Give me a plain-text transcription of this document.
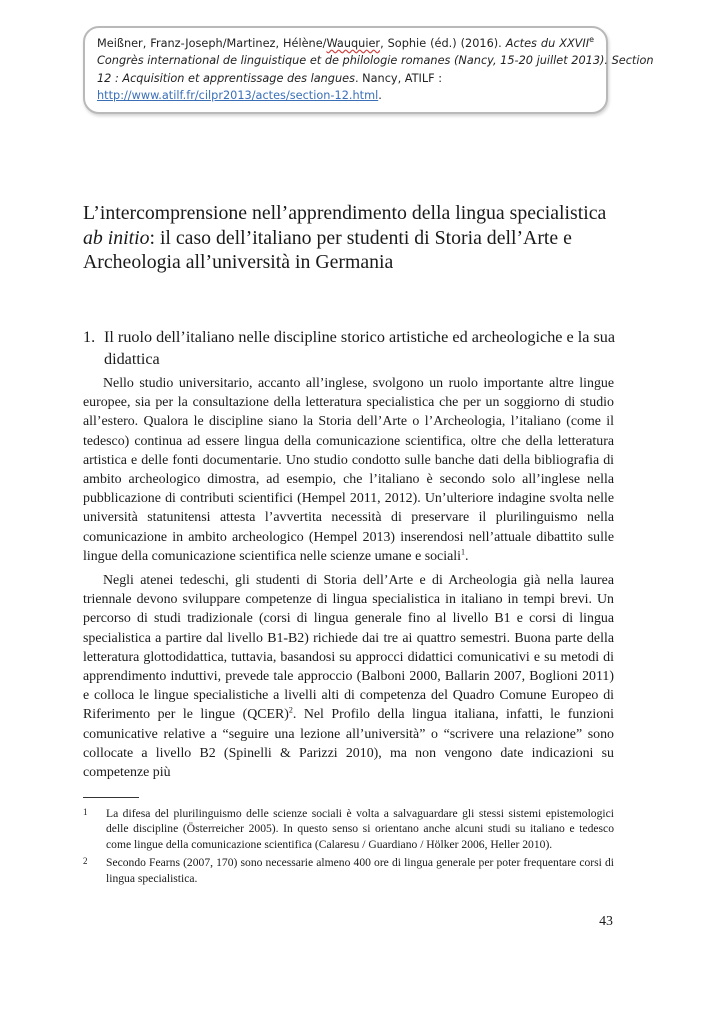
Meißner, Franz-Joseph/Martinez, Hélène/Wauquier, Sophie (éd.) (2016). Actes du XXVIIe
Congrès international de linguistique et de philologie romanes (Nancy, 15-20 juillet 2013). Section
12 : Acquisition et apprentissage des langues. Nancy, ATILF :
http://www.atilf.fr/cilpr2013/actes/section-12.html.
L’intercomprensione nell’apprendimento della lingua specialistica ab initio: il caso dell’italiano per studenti di Storia dell’Arte e Archeologia all’università in Germania
1. Il ruolo dell’italiano nelle discipline storico artistiche ed archeologiche e la sua didattica

Nello studio universitario, accanto all’inglese, svolgono un ruolo importante altre lingue europee, sia per la consultazione della letteratura specialistica che per un soggiorno di studio all’estero. Qualora le discipline siano la Storia dell’Arte o l’Archeologia, l’italiano (come il tedesco) continua ad essere lingua della comunicazione scientifica, oltre che della letteratura artistica e delle fonti documentarie. Uno studio condotto sulle banche dati della bibliografia di ambito archeologico dimostra, ad esempio, che l’italiano è secondo solo all’inglese nella pubblicazione di contributi scientifici (Hempel 2011, 2012). Un’ulteriore indagine svolta nelle università statunitensi attesta l’avvertita necessità di preservare il plurilinguismo nella comunicazione in ambito archeologico (Hempel 2013) inserendosi nell’attuale dibattito sulle lingue della comunicazione scientifica nelle scienze umane e sociali$^1$.

Negli atenei tedeschi, gli studenti di Storia dell’Arte e di Archeologia già nella laurea triennale devono sviluppare competenze di lingua specialistica in italiano in tempi brevi. Un percorso di studi tradizionale (corsi di lingua generale fino al livello B1 e corsi di lingua specialistica a partire dal livello B1-B2) richiede dai tre ai quattro semestri. Buona parte della letteratura glottodidattica, tuttavia, basandosi su approcci didattici comunicativi e su metodi di apprendimento induttivi, prevede tale approccio (Balboni 2000, Ballarin 2007, Boglioni 2011) e colloca le lingue specialistiche a livelli alti di competenza del Quadro Comune Europeo di Riferimento per le lingue (QCER)$^2$. Nel Profilo della lingua italiana, infatti, le funzioni comunicative relative a “seguire una lezione all’università” o “scrivere una relazione” sono collocate a livello B2 (Spinelli & Parizzi 2010), ma non vengono date indicazioni su competenze più

1 La difesa del plurilinguismo delle scienze sociali è volta a salvaguardare gli stessi sistemi epistemologici delle discipline (Österreicher 2005). In questo senso si orientano anche alcuni studi su italiano e tedesco come lingue della comunicazione scientifica (Calaresu / Guardiano / Hölker 2006, Heller 2010).
2 Secondo Fearns (2007, 170) sono necessarie almeno 400 ore di lingua generale per poter frequentare corsi di lingua specialistica.
43
